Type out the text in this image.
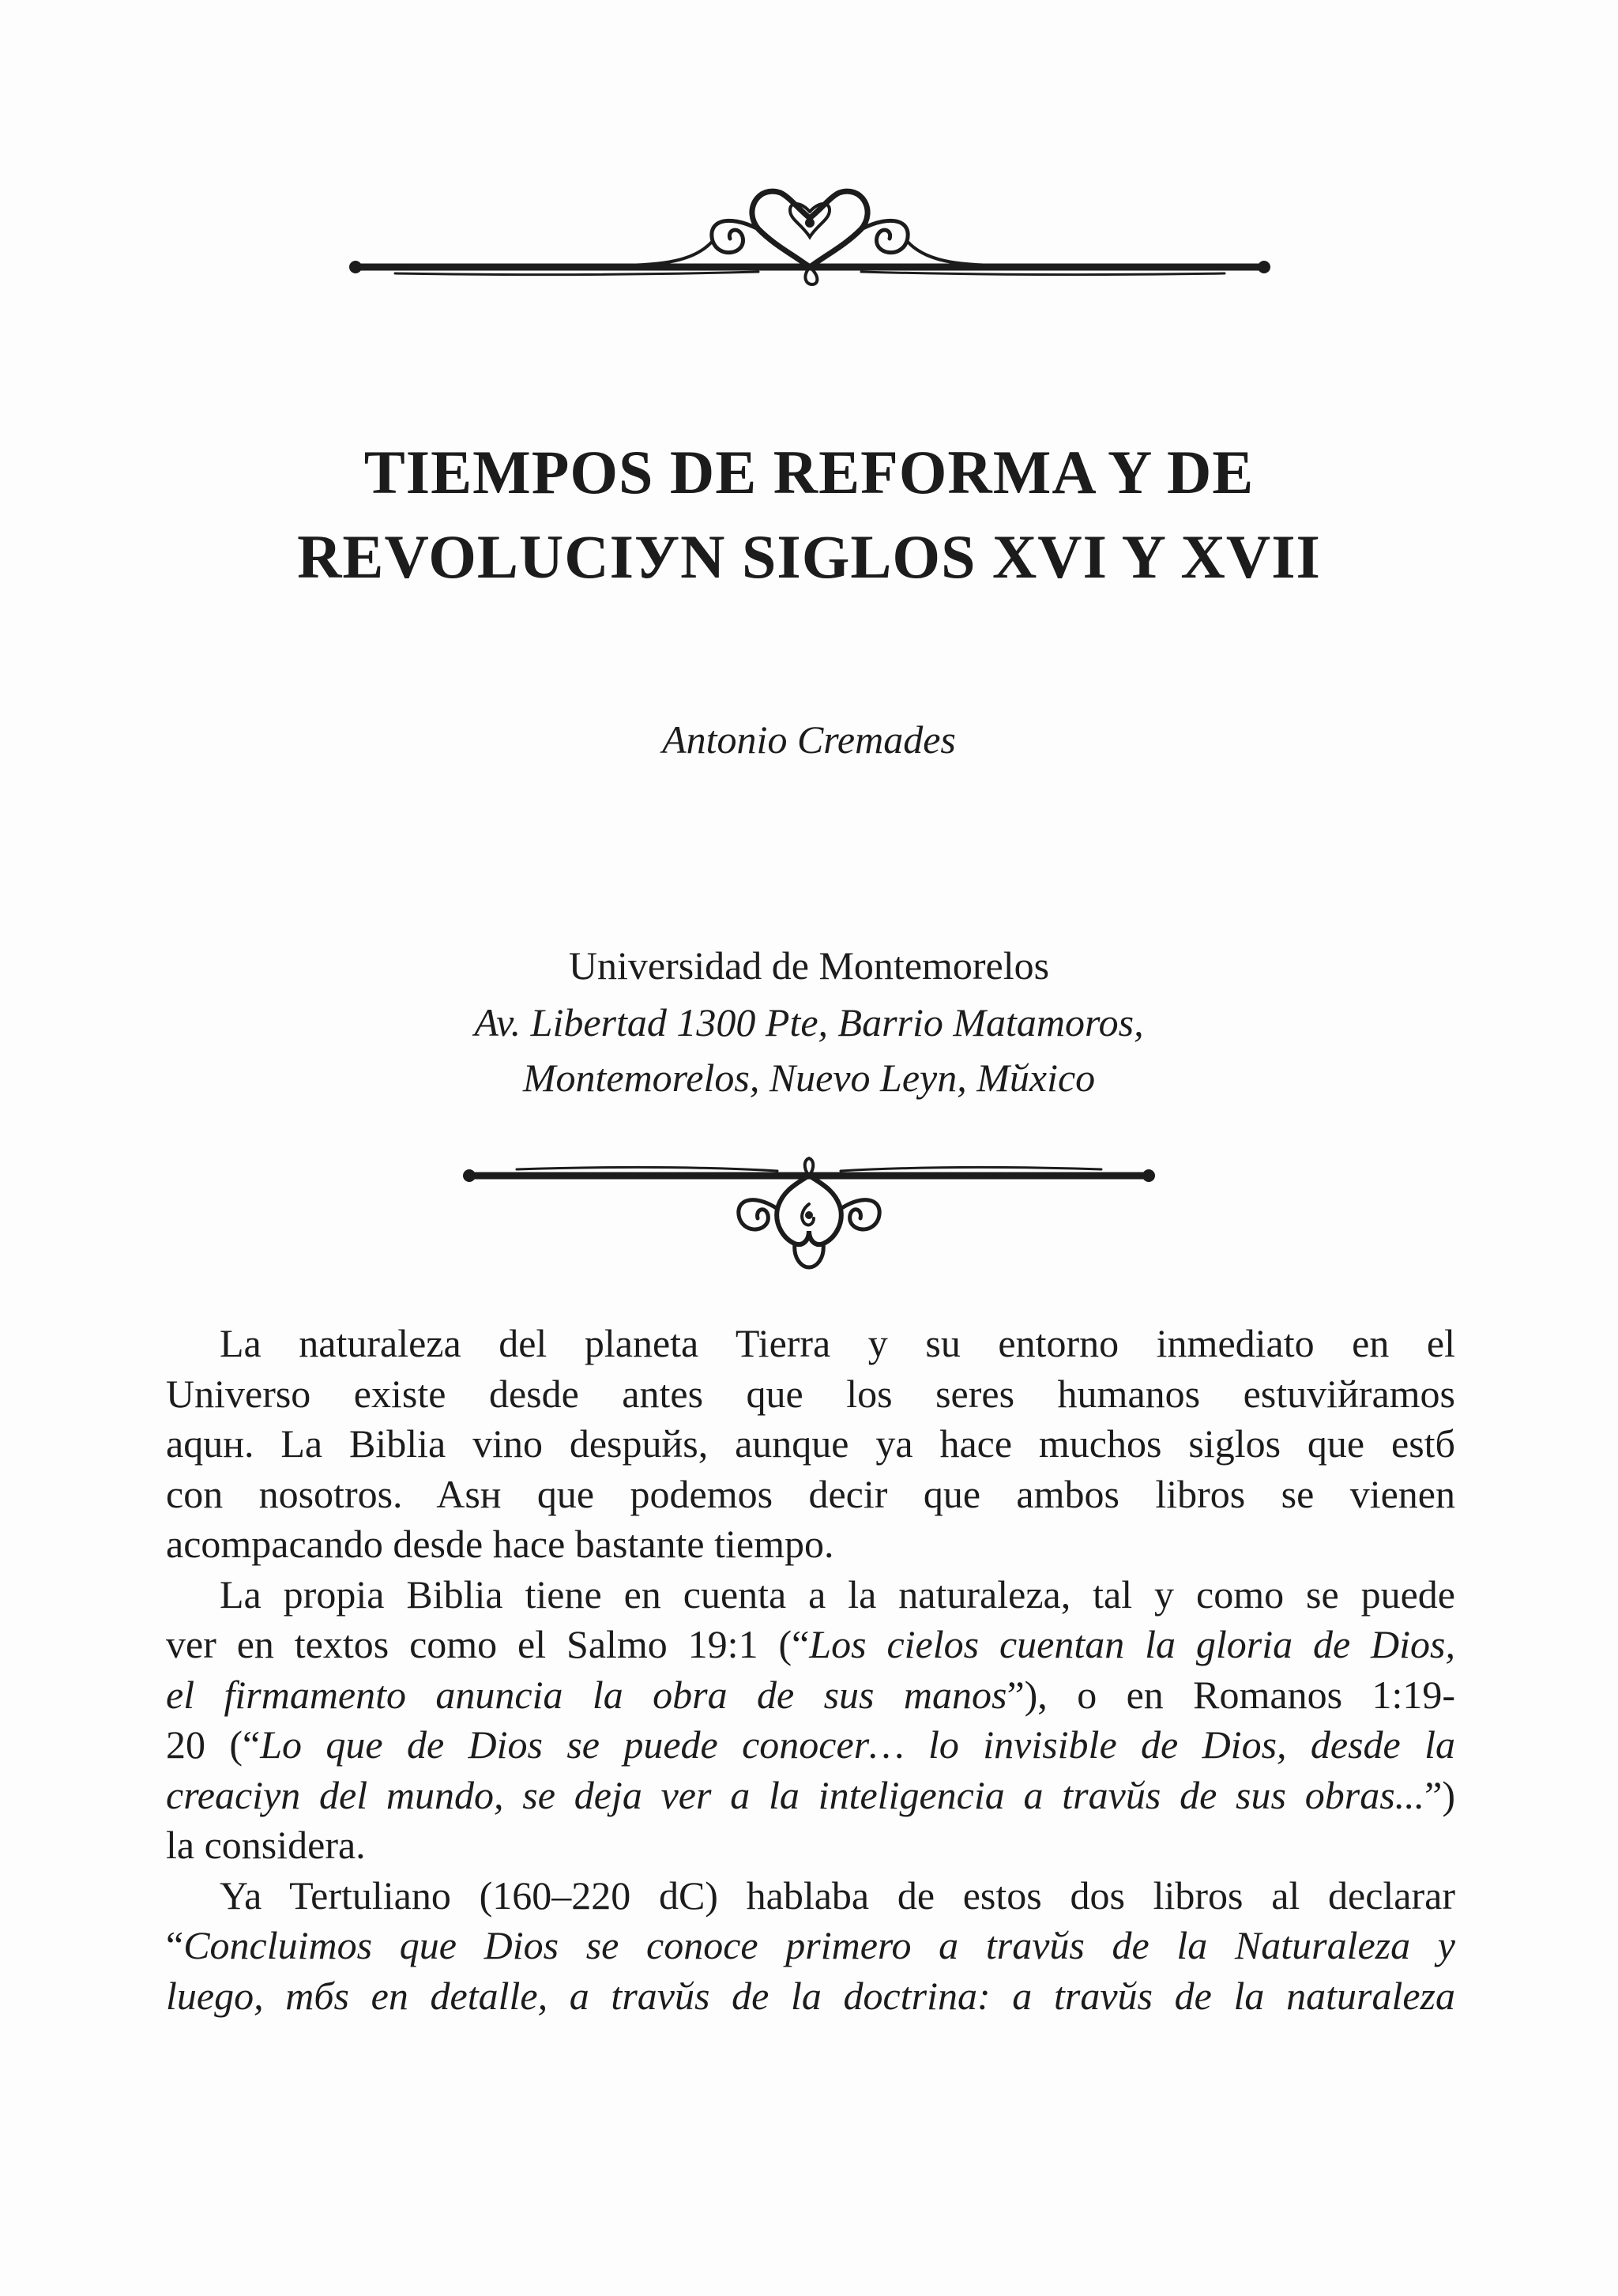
TIEMPOS DE REFORMA Y DE
REVOLUCIУN SIGLOS XVI Y XVII
Antonio Cremades
Universidad de Montemorelos
Av. Libertad 1300 Pte, Barrio Matamoros,
Montemorelos, Nuevo Leуn, Mйxico

La naturaleza del planeta Tierra y su entorno inmediato en el
Universo existe desde antes que los seres humanos estuviйramos
aquн. La Biblia vino despuйs, aunque ya hace muchos siglos que estб
con nosotros. Asн que podemos decir que ambos libros se vienen
acompaсando desde hace bastante tiempo.

La propia Biblia tiene en cuenta a la naturaleza, tal y como se puede
ver en textos como el Salmo 19:1 (“Los cielos cuentan la gloria de Dios,
el firmamento anuncia la obra de sus manos”), o en Romanos 1:19-
20 (“Lo que de Dios se puede conocer… lo invisible de Dios, desde la
creaciуn del mundo, se deja ver a la inteligencia a travйs de sus obras...”)
la considera.

Ya Tertuliano (160–220 dC) hablaba de estos dos libros al declarar
“Concluimos que Dios se conoce primero a travйs de la Naturaleza y
luego, mбs en detalle, a travйs de la doctrina: a travйs de la naturaleza
